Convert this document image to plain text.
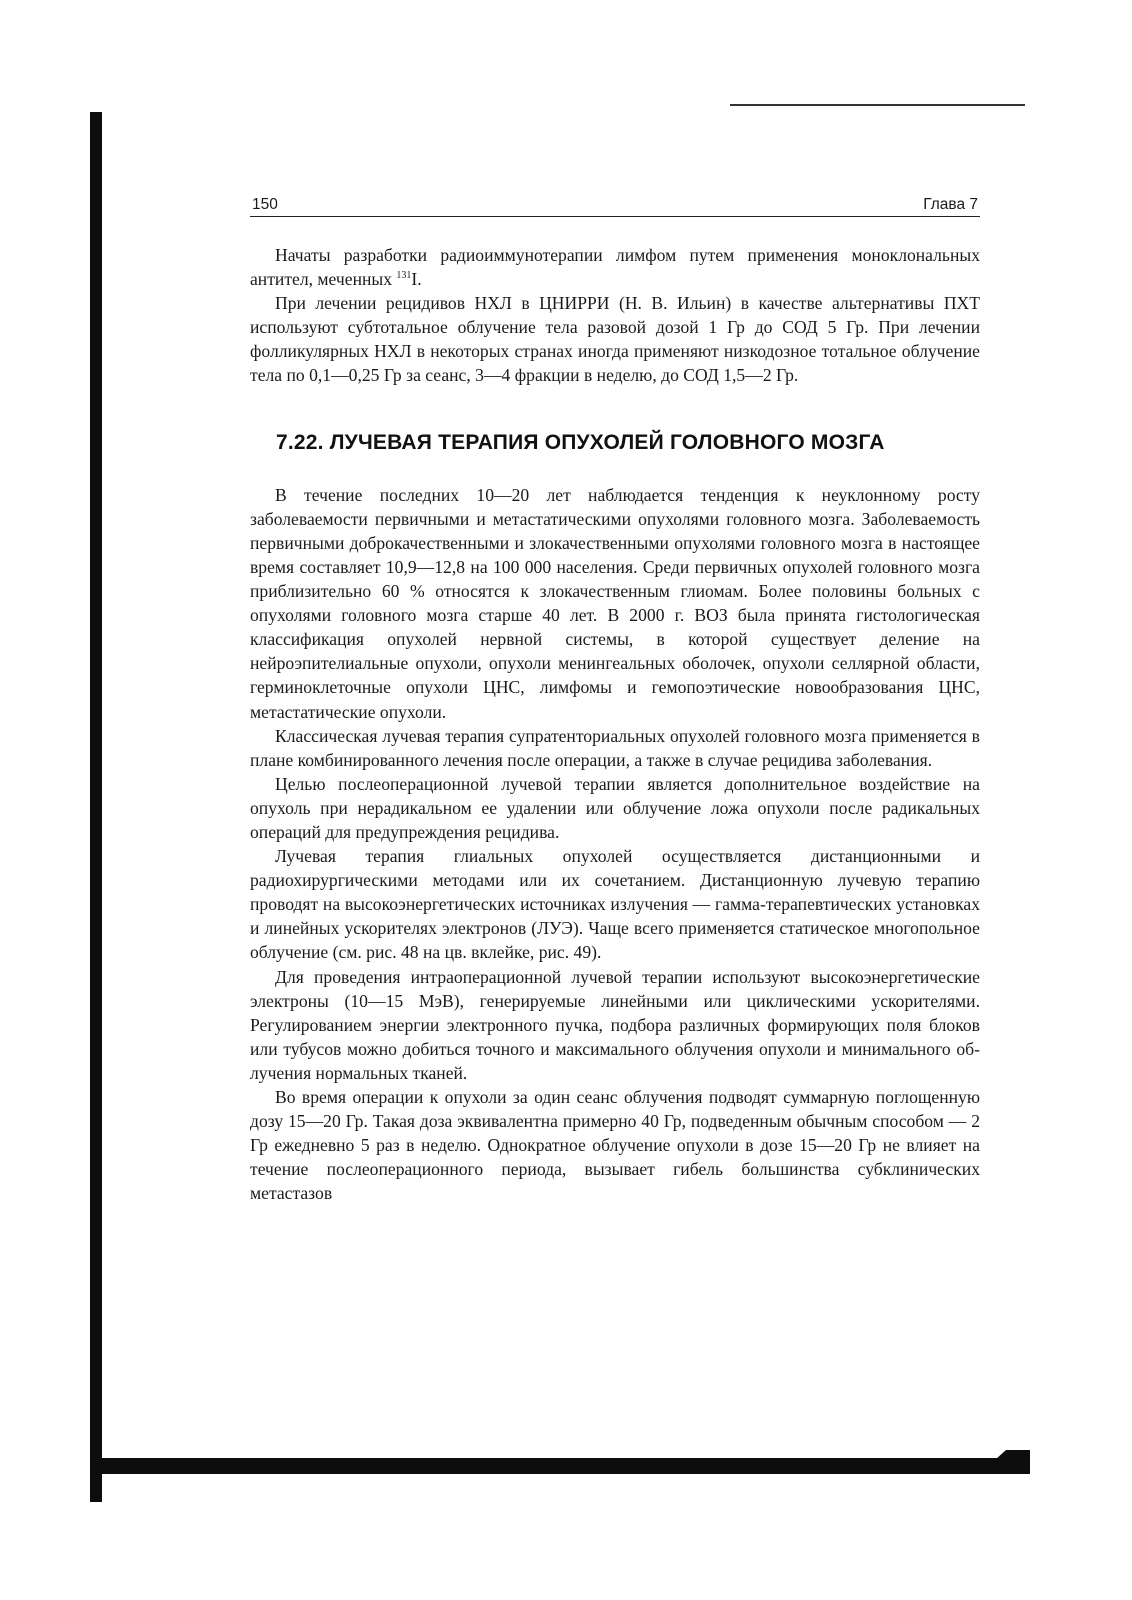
150	Глава 7

Начаты разработки радиоиммунотерапии лимфом путем применения моноклональных антител, меченных $^{131}$I.

При лечении рецидивов НХЛ в ЦНИРРИ (Н. В. Ильин) в качестве альтернативы ПХТ используют субтотальное облучение тела разовой дозой 1 Гр до СОД 5 Гр. При лечении фолликулярных НХЛ в некоторых странах иногда применяют низкодозное тотальное облучение тела по 0,1—0,25 Гр за сеанс, 3—4 фракции в неделю, до СОД 1,5—2 Гр.

7.22. ЛУЧЕВАЯ ТЕРАПИЯ ОПУХОЛЕЙ ГОЛОВНОГО МОЗГА

В течение последних 10—20 лет наблюдается тенденция к неуклонному росту заболеваемости первичными и метастатическими опухолями головного мозга. Заболеваемость первичными доброкачественными и злокачественными опухолями головного мозга в настоящее время составляет 10,9—12,8 на 100 000 населения. Среди первичных опухолей головного мозга приблизительно 60 % относятся к злокачественным глиомам. Более половины больных с опухолями головного мозга старше 40 лет. В 2000 г. ВОЗ была принята гистологическая классификация опухолей нервной системы, в которой существует деление на нейроэпителиальные опухоли, опухоли менингеальных оболочек, опухоли селлярной области, герминоклеточные опухоли ЦНС, лимфомы и гемопоэтические новообразования ЦНС, метастатические опухоли.

Классическая лучевая терапия супратенториальных опухолей головного мозга применяется в плане комбинированного лечения после операции, а также в случае рецидива заболевания.

Целью послеоперационной лучевой терапии является дополнительное воздействие на опухоль при нерадикальном ее удалении или облучение ложа опухоли после радикальных операций для предупреждения рецидива.

Лучевая терапия глиальных опухолей осуществляется дистанционными и радиохирургическими методами или их сочетанием. Дистанционную лучевую терапию проводят на высокоэнергетических источниках излучения — гамма-терапевтических установках и линейных ускорителях электронов (ЛУЭ). Чаще всего применяется статическое многопольное облучение (см. рис. 48 на цв. вклейке, рис. 49).

Для проведения интраоперационной лучевой терапии используют высокоэнергетические электроны (10—15 МэВ), генерируемые линейными или циклическими ускорителями. Регулированием энергии электронного пучка, подбора различных формирующих поля блоков или тубусов можно добиться точного и максимального облучения опухоли и минимального облучения нормальных тканей.

Во время операции к опухоли за один сеанс облучения подводят суммарную поглощенную дозу 15—20 Гр. Такая доза эквивалентна примерно 40 Гр, подведенным обычным способом — 2 Гр ежедневно 5 раз в неделю. Однократное облучение опухоли в дозе 15—20 Гр не влияет на течение послеоперационного периода, вызывает гибель большинства субклинических метастазов
